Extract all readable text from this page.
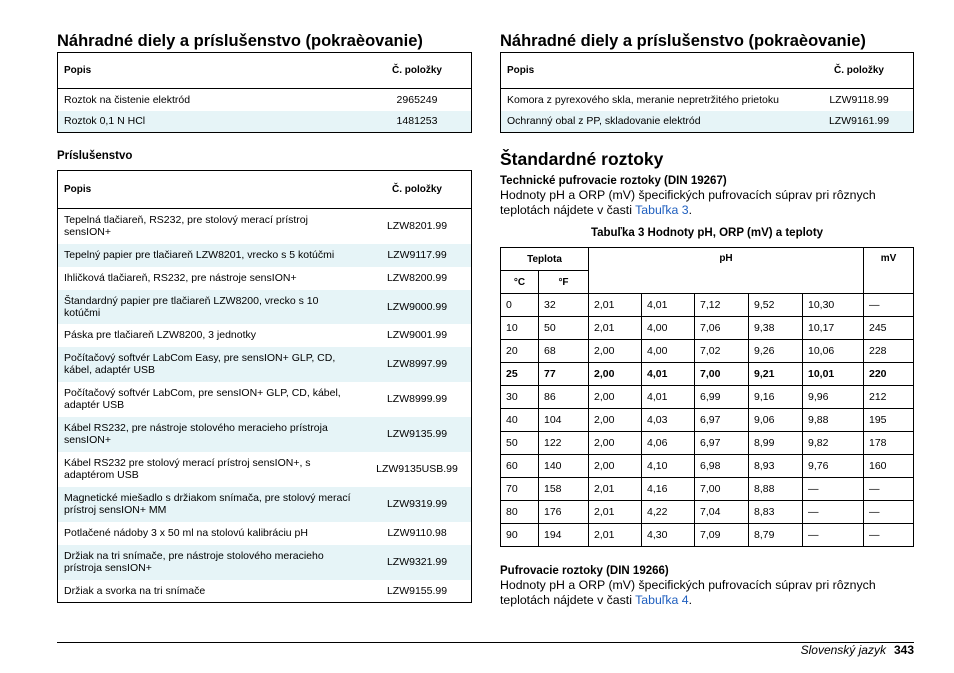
Náhradné diely a príslušenstvo (pokraèovanie)
Popis	Č. položky
Roztok na čistenie elektród	2965249
Roztok 0,1 N HCl	1481253
Príslušenstvo
Popis	Č. položky
Tepelná tlačiareň, RS232, pre stolový merací prístroj sensION+	LZW8201.99
Tepelný papier pre tlačiareň LZW8201, vrecko s 5 kotúčmi	LZW9117.99
Ihličková tlačiareň, RS232, pre nástroje sensION+	LZW8200.99
Štandardný papier pre tlačiareň LZW8200, vrecko s 10 kotúčmi	LZW9000.99
Páska pre tlačiareň LZW8200, 3 jednotky	LZW9001.99
Počítačový softvér LabCom Easy, pre sensION+ GLP, CD, kábel, adaptér USB	LZW8997.99
Počítačový softvér LabCom, pre sensION+ GLP, CD, kábel, adaptér USB	LZW8999.99
Kábel RS232, pre nástroje stolového meracieho prístroja sensION+	LZW9135.99
Kábel RS232 pre stolový merací prístroj sensION+, s adaptérom USB	LZW9135USB.99
Magnetické miešadlo s držiakom snímača, pre stolový merací prístroj sensION+ MM	LZW9319.99
Potlačené nádoby 3 x 50 ml na stolovú kalibráciu pH	LZW9110.98
Držiak na tri snímače, pre nástroje stolového meracieho prístroja sensION+	LZW9321.99
Držiak a svorka na tri snímače	LZW9155.99
Náhradné diely a príslušenstvo (pokraèovanie)
Popis	Č. položky
Komora z pyrexového skla, meranie nepretržitého prietoku	LZW9118.99
Ochranný obal z PP, skladovanie elektród	LZW9161.99
Štandardné roztoky
Technické pufrovacie roztoky (DIN 19267)

Hodnoty pH a ORP (mV) špecifických pufrovacích súprav pri rôznych teplotách nájdete v časti Tabuľka 3.

Tabuľka 3 Hodnoty pH, ORP (mV) a teploty
Teplota		pH					mV
°C	°F						
0	32	2,01	4,01	7,12	9,52	10,30	—
10	50	2,01	4,00	7,06	9,38	10,17	245
20	68	2,00	4,00	7,02	9,26	10,06	228
25	77	2,00	4,01	7,00	9,21	10,01	220
30	86	2,00	4,01	6,99	9,16	9,96	212
40	104	2,00	4,03	6,97	9,06	9,88	195
50	122	2,00	4,06	6,97	8,99	9,82	178
60	140	2,00	4,10	6,98	8,93	9,76	160
70	158	2,01	4,16	7,00	8,88	—	—
80	176	2,01	4,22	7,04	8,83	—	—
90	194	2,01	4,30	7,09	8,79	—	—
Pufrovacie roztoky (DIN 19266)

Hodnoty pH a ORP (mV) špecifických pufrovacích súprav pri rôznych teplotách nájdete v časti Tabuľka 4.

Slovenský jazyk 343
